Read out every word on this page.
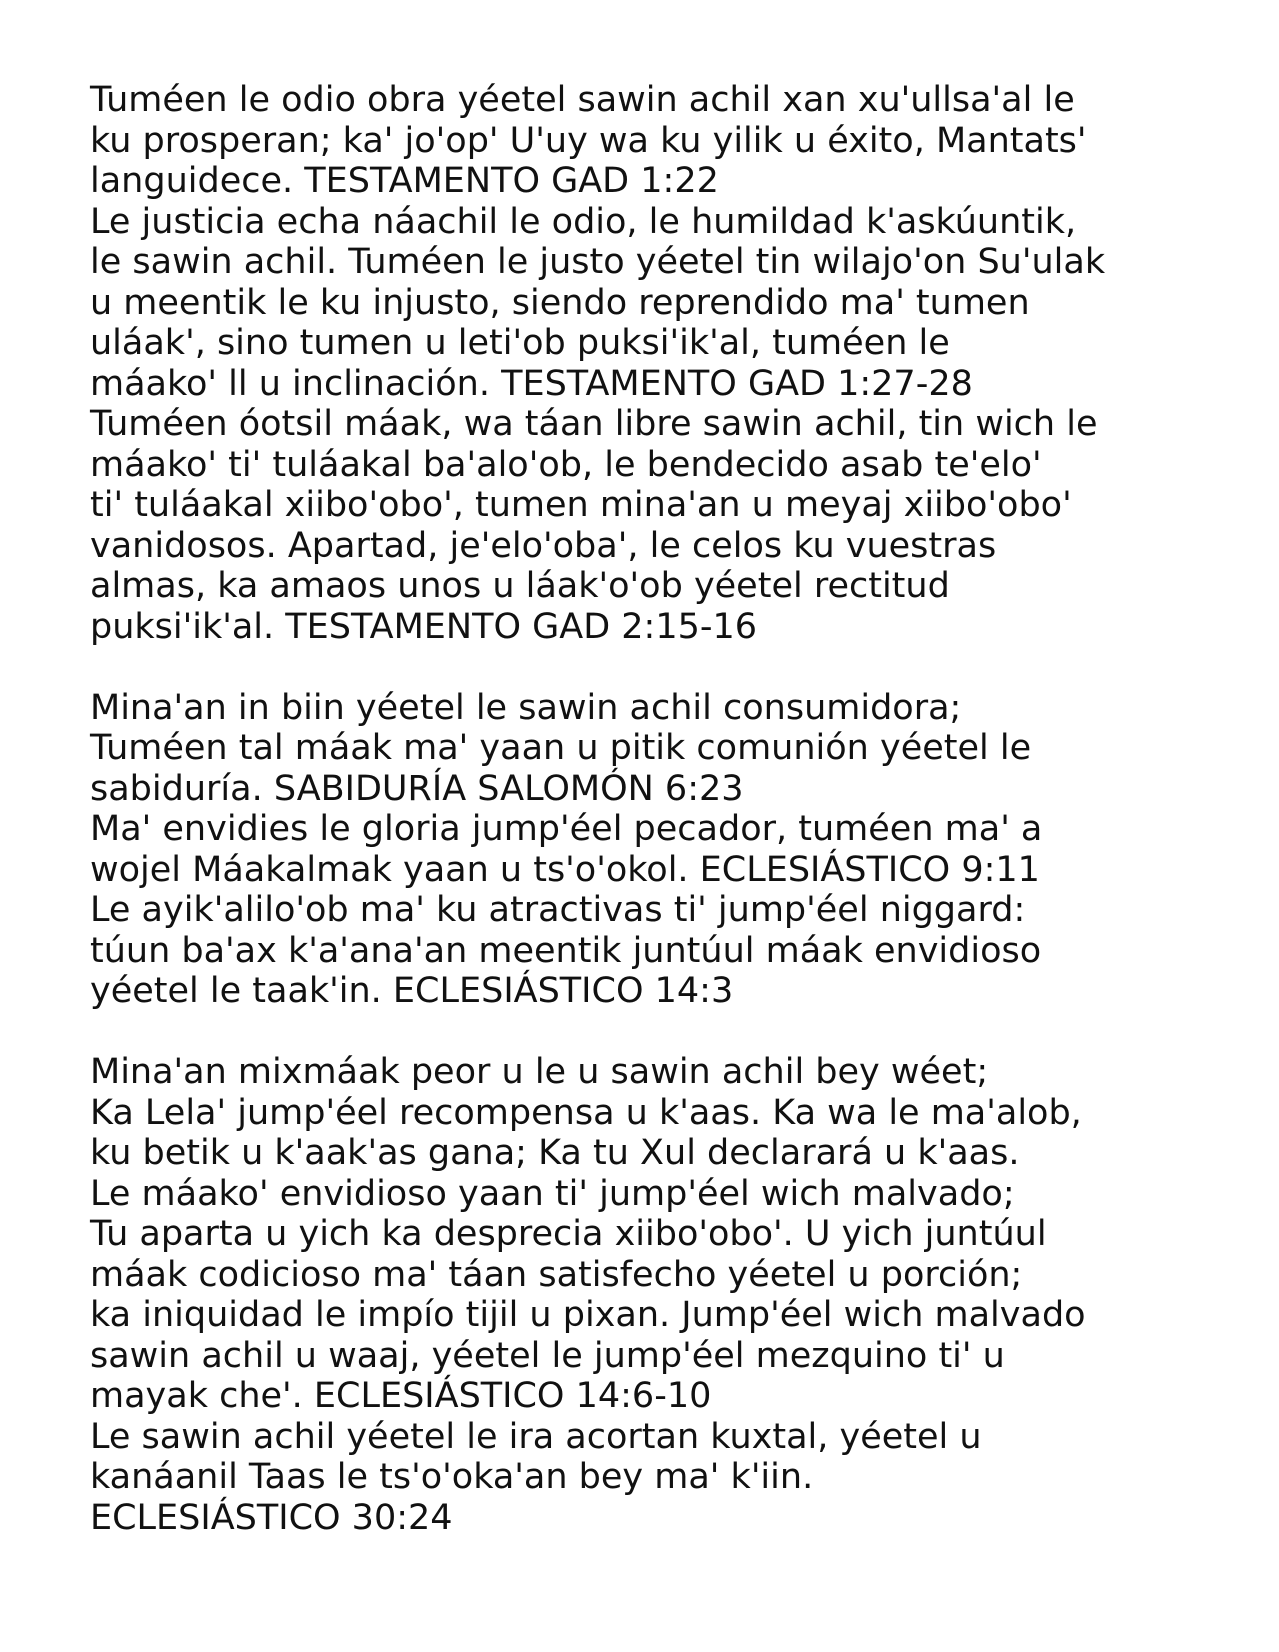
Tuméen le odio obra yéetel sawin achil xan xu'ullsa'al le
ku prosperan; ka' jo'op' U'uy wa ku yilik u éxito, Mantats'
languidece. TESTAMENTO GAD 1:22
Le justicia echa náachil le odio, le humildad k'askúuntik,
le sawin achil. Tuméen le justo yéetel tin wilajo'on Su'ulak
u meentik le ku injusto, siendo reprendido ma' tumen
uláak', sino tumen u leti'ob puksi'ik'al, tuméen le
máako' ll u inclinación. TESTAMENTO GAD 1:27-28
Tuméen óotsil máak, wa táan libre sawin achil, tin wich le
máako' ti' tuláakal ba'alo'ob, le bendecido asab te'elo'
ti' tuláakal xiibo'obo', tumen mina'an u meyaj xiibo'obo'
vanidosos. Apartad, je'elo'oba', le celos ku vuestras
almas, ka amaos unos u láak'o'ob yéetel rectitud
puksi'ik'al. TESTAMENTO GAD 2:15-16
Mina'an in biin yéetel le sawin achil consumidora;
Tuméen tal máak ma' yaan u pitik comunión yéetel le
sabiduría. SABIDURÍA SALOMÓN 6:23
Ma' envidies le gloria jump'éel pecador, tuméen ma' a
wojel Máakalmak yaan u ts'o'okol. ECLESIÁSTICO 9:11
Le ayik'alilo'ob ma' ku atractivas ti' jump'éel niggard:
túun ba'ax k'a'ana'an meentik juntúul máak envidioso
yéetel le taak'in. ECLESIÁSTICO 14:3
Mina'an mixmáak peor u le u sawin achil bey wéet;
Ka Lela' jump'éel recompensa u k'aas. Ka wa le ma'alob,
ku betik u k'aak'as gana; Ka tu Xul declarará u k'aas.
Le máako' envidioso yaan ti' jump'éel wich malvado;
Tu aparta u yich ka desprecia xiibo'obo'. U yich juntúul
máak codicioso ma' táan satisfecho yéetel u porción;
ka iniquidad le impío tijil u pixan. Jump'éel wich malvado
sawin achil u waaj, yéetel le jump'éel mezquino ti' u
mayak che'. ECLESIÁSTICO 14:6-10
Le sawin achil yéetel le ira acortan kuxtal, yéetel u
kanáanil Taas le ts'o'oka'an bey ma' k'iin.
ECLESIÁSTICO 30:24
